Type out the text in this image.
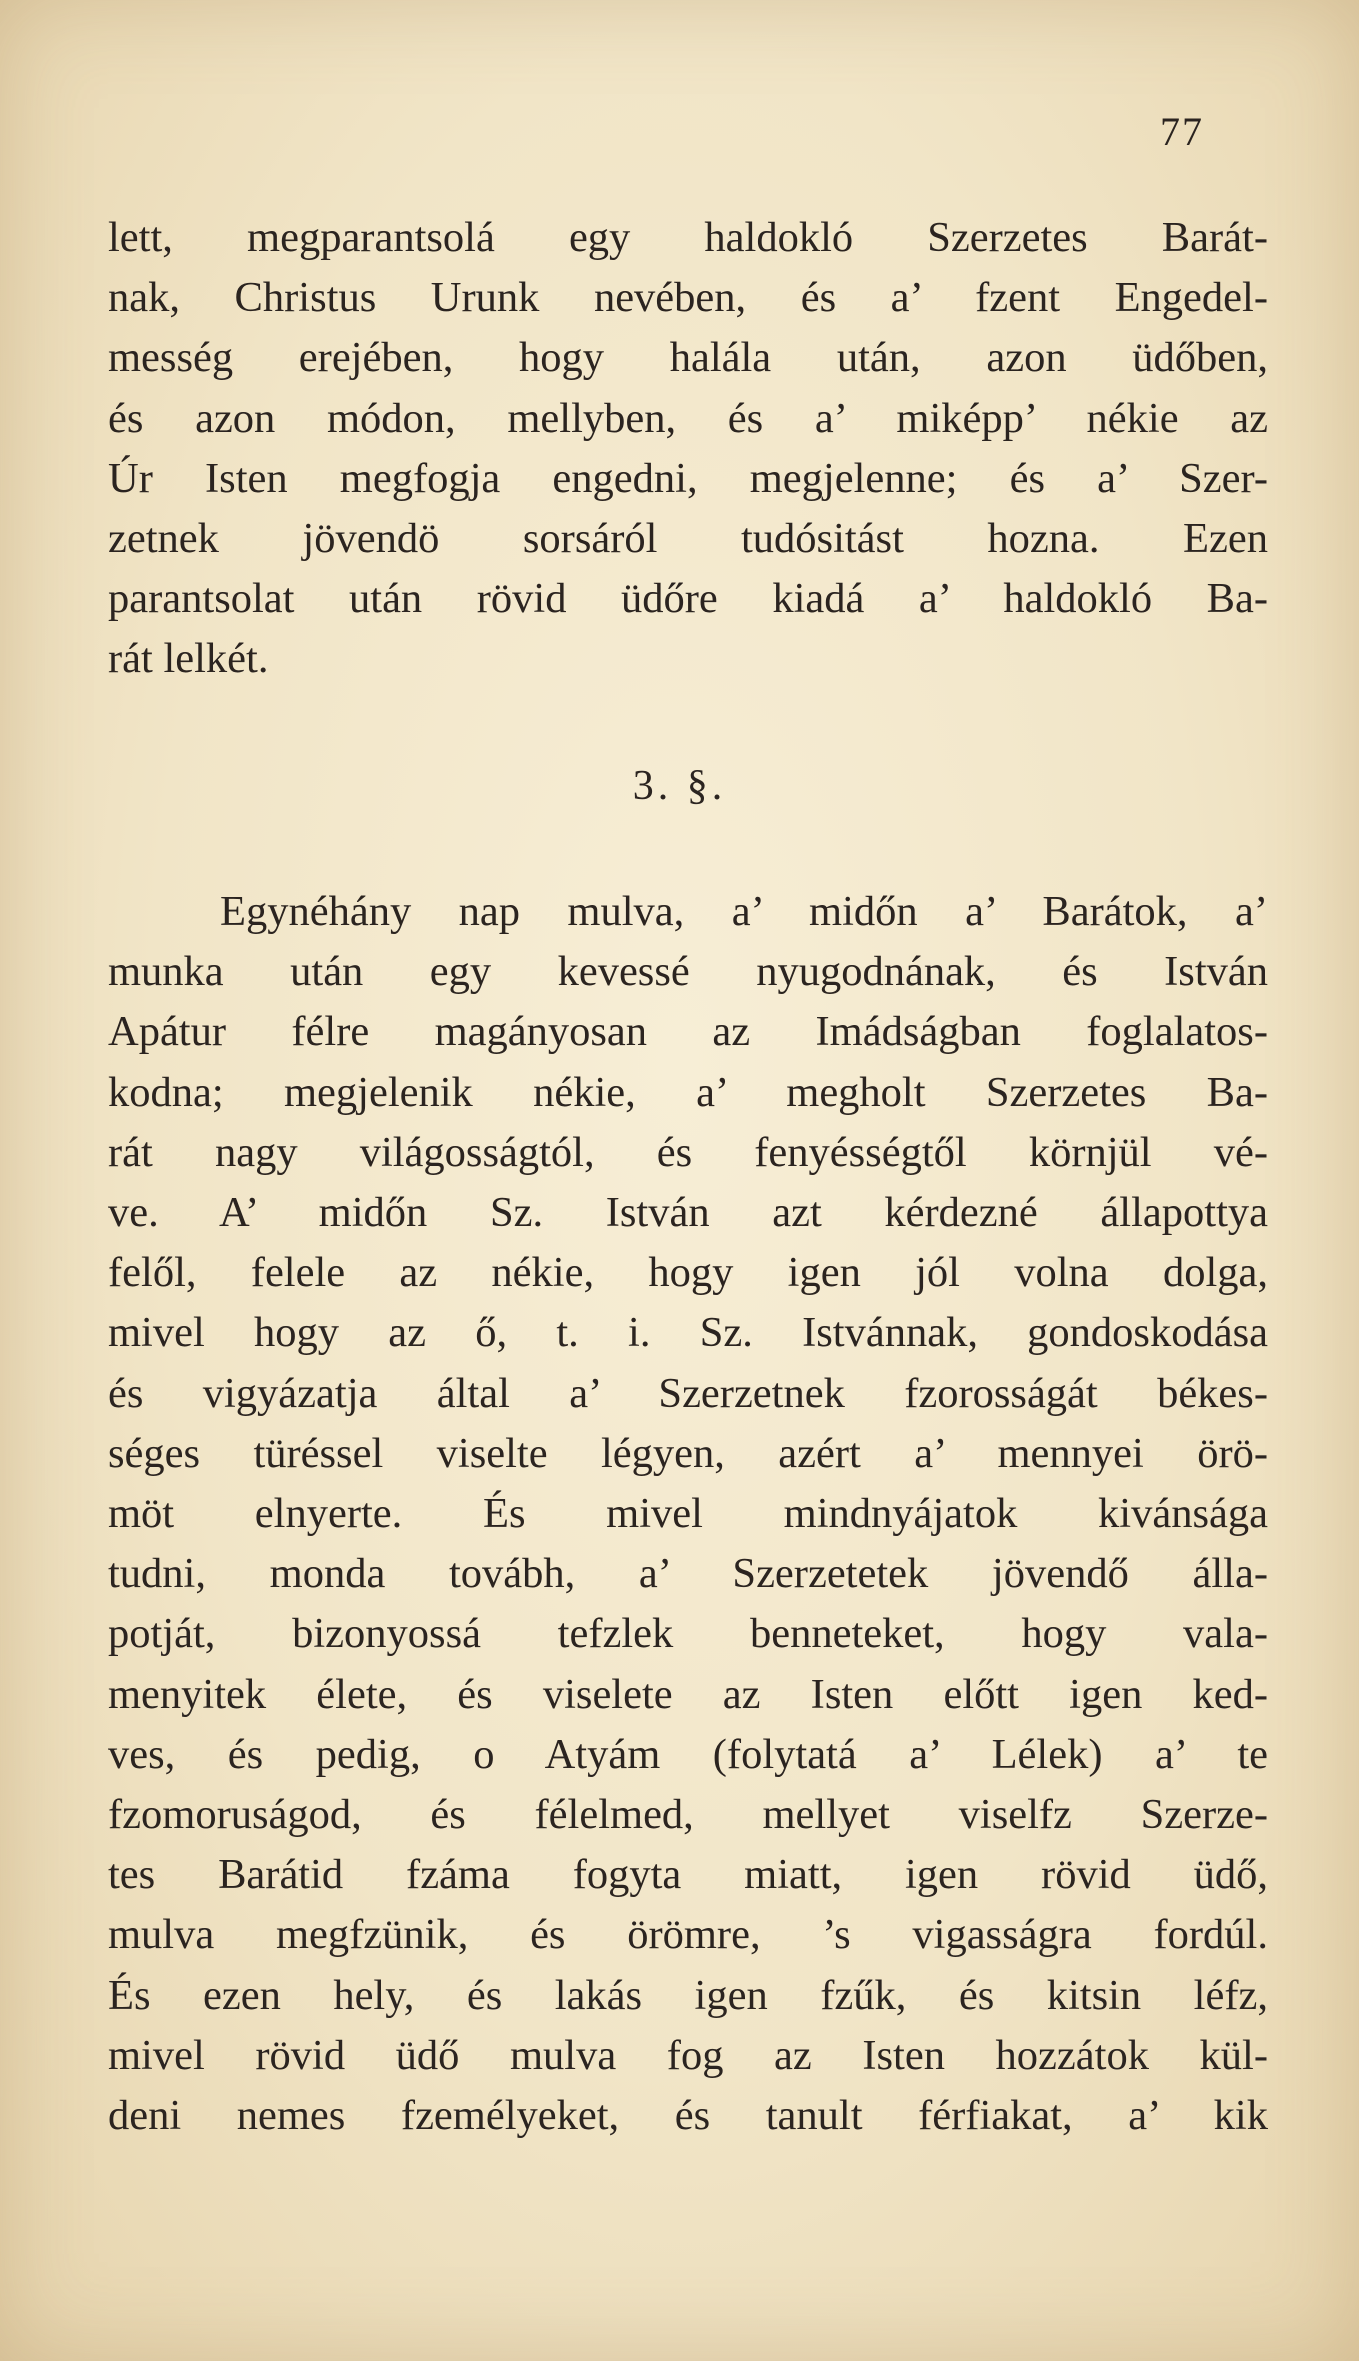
77

lett, megparantsolá egy haldokló Szerzetes Barát-
nak, Christus Urunk nevében, és a’ fzent Engedel-
messég erejében, hogy halála után, azon üdőben,
és azon módon, mellyben, és a’ miképp’ nékie az
Úr Isten megfogja engedni, megjelenne; és a’ Szer-
zetnek jövendö sorsáról tudósitást hozna. Ezen
parantsolat után rövid üdőre kiadá a’ haldokló Ba-
rát lelkét.

3. §.

Egynéhány nap mulva, a’ midőn a’ Barátok, a’
munka után egy kevessé nyugodnának, és István
Apátur félre magányosan az Imádságban foglalatos-
kodna; megjelenik nékie, a’ megholt Szerzetes Ba-
rát nagy világosságtól, és fenyésségtől körnjül vé-
ve. A’ midőn Sz. István azt kérdezné állapottya
felől, felele az nékie, hogy igen jól volna dolga,
mivel hogy az ő, t. i. Sz. Istvánnak, gondoskodása
és vigyázatja által a’ Szerzetnek fzorosságát békes-
séges türéssel viselte légyen, azért a’ mennyei örö-
möt elnyerte. És mivel mindnyájatok kivánsága
tudni, monda továbh, a’ Szerzetetek jövendő álla-
potját, bizonyossá tefzlek benneteket, hogy vala-
menyitek élete, és viselete az Isten előtt igen ked-
ves, és pedig, o Atyám (folytatá a’ Lélek) a’ te
fzomoruságod, és félelmed, mellyet viselfz Szerze-
tes Barátid fzáma fogyta miatt, igen rövid üdő,
mulva megfzünik, és örömre, ’s vigasságra fordúl.
És ezen hely, és lakás igen fzűk, és kitsin léfz,
mivel rövid üdő mulva fog az Isten hozzátok kül-
deni nemes fzemélyeket, és tanult férfiakat, a’ kik
